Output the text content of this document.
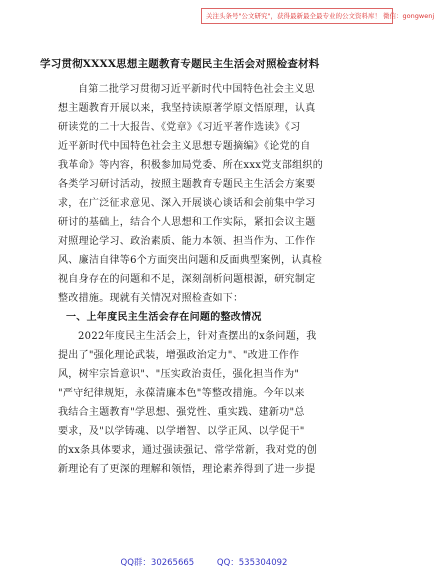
关注头条号"公文研究"，获得最新最全最专业的公文资料库！ 微信：gongwenj
学习贯彻XXXX思想主题教育专题民主生活会对照检查材料
自第二批学习贯彻习近平新时代中国特色社会主义思
想主题教育开展以来，我坚持读原著学原文悟原理，认真
研读党的二十大报告、《党章》《习近平著作选读》《习
近平新时代中国特色社会主义思想专题摘编》《论党的自
我革命》等内容，积极参加局党委、所在xxx党支部组织的
各类学习研讨活动，按照主题教育专题民主生活会方案要
求，在广泛征求意见、深入开展谈心谈话和会前集中学习
研讨的基础上，结合个人思想和工作实际，紧扣会议主题
对照理论学习、政治素质、能力本领、担当作为、工作作
风、廉洁自律等6个方面突出问题和反面典型案例，认真检
视自身存在的问题和不足，深刻剖析问题根源，研究制定
整改措施。现就有关情况对照检查如下：
一、上年度民主生活会存在问题的整改情况
2022年度民主生活会上，针对查摆出的x条问题，我
提出了"强化理论武装，增强政治定力"、"改进工作作
风，树牢宗旨意识"、"压实政治责任，强化担当作为"
"严守纪律规矩，永葆清廉本色"等整改措施。今年以来
我结合主题教育"学思想、强党性、重实践、建新功"总
要求，及"以学铸魂、以学增智、以学正风、以学促干"
的xx条具体要求，通过强读强记、常学常新，我对党的创
新理论有了更深的理解和领悟，理论素养得到了进一步提
QQ群：30265665	QQ：535304092
